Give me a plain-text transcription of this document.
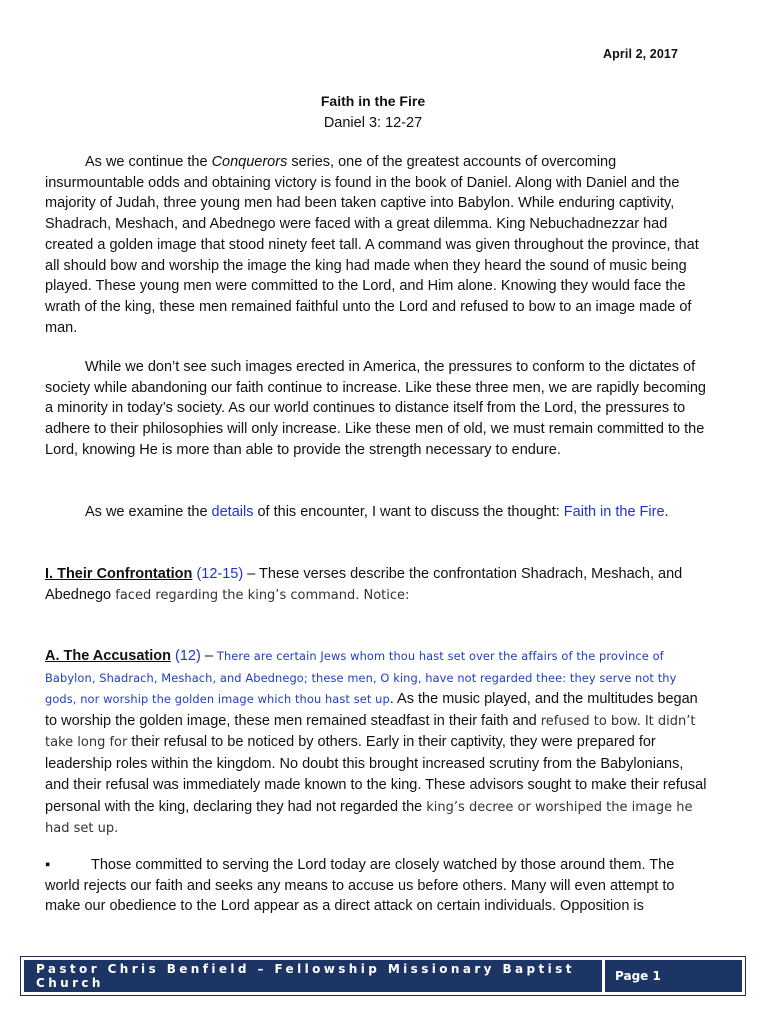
April 2, 2017
Faith in the Fire
Daniel 3: 12-27

As we continue the Conquerors series, one of the greatest accounts of overcoming insurmountable odds and obtaining victory is found in the book of Daniel. Along with Daniel and the majority of Judah, three young men had been taken captive into Babylon. While enduring captivity, Shadrach, Meshach, and Abednego were faced with a great dilemma. King Nebuchadnezzar had created a golden image that stood ninety feet tall. A command was given throughout the province, that all should bow and worship the image the king had made when they heard the sound of music being played. These young men were committed to the Lord, and Him alone. Knowing they would face the wrath of the king, these men remained faithful unto the Lord and refused to bow to an image made of man.

While we don’t see such images erected in America, the pressures to conform to the dictates of society while abandoning our faith continue to increase. Like these three men, we are rapidly becoming a minority in today’s society. As our world continues to distance itself from the Lord, the pressures to adhere to their philosophies will only increase. Like these men of old, we must remain committed to the Lord, knowing He is more than able to provide the strength necessary to endure.

As we examine the details of this encounter, I want to discuss the thought: Faith in the Fire.

I. Their Confrontation (12-15) – These verses describe the confrontation Shadrach, Meshach, and Abednego faced regarding the king’s command. Notice:

A. The Accusation (12) – There are certain Jews whom thou hast set over the affairs of the province of Babylon, Shadrach, Meshach, and Abednego; these men, O king, have not regarded thee: they serve not thy gods, nor worship the golden image which thou hast set up. As the music played, and the multitudes began to worship the golden image, these men remained steadfast in their faith and refused to bow. It didn’t take long for their refusal to be noticed by others. Early in their captivity, they were prepared for leadership roles within the kingdom. No doubt this brought increased scrutiny from the Babylonians, and their refusal was immediately made known to the king. These advisors sought to make their refusal personal with the king, declaring they had not regarded the king’s decree or worshiped the image he had set up.

▪	Those committed to serving the Lord today are closely watched by those around them. The world rejects our faith and seeks any means to accuse us before others. Many will even attempt to make our obedience to the Lord appear as a direct attack on certain individuals. Opposition is

Pastor Chris Benfield – Fellowship Missionary Baptist Church	Page 1
